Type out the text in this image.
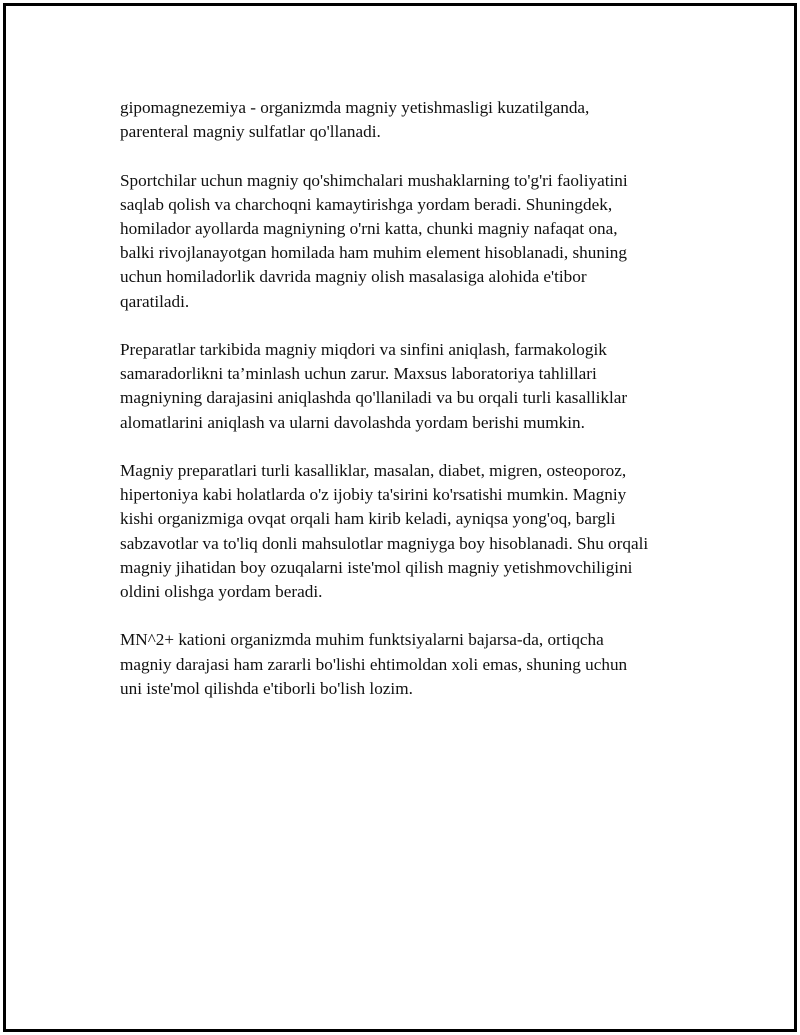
gipomagnezemiya - organizmda magniy yetishmasligi kuzatilganda,
parenteral magniy sulfatlar qo'llanadi.

Sportchilar uchun magniy qo'shimchalari mushaklarning to'g'ri faoliyatini
saqlab qolish va charchoqni kamaytirishga yordam beradi. Shuningdek,
homilador ayollarda magniyning o'rni katta, chunki magniy nafaqat ona,
balki rivojlanayotgan homilada ham muhim element hisoblanadi, shuning
uchun homiladorlik davrida magniy olish masalasiga alohida e'tibor
qaratiladi.

Preparatlar tarkibida magniy miqdori va sinfini aniqlash, farmakologik
samaradorlikni ta’minlash uchun zarur. Maxsus laboratoriya tahlillari
magniyning darajasini aniqlashda qo'llaniladi va bu orqali turli kasalliklar
alomatlarini aniqlash va ularni davolashda yordam berishi mumkin.

Magniy preparatlari turli kasalliklar, masalan, diabet, migren, osteoporoz,
hipertoniya kabi holatlarda o'z ijobiy ta'sirini ko'rsatishi mumkin. Magniy
kishi organizmiga ovqat orqali ham kirib keladi, ayniqsa yong'oq, bargli
sabzavotlar va to'liq donli mahsulotlar magniyga boy hisoblanadi. Shu orqali
magniy jihatidan boy ozuqalarni iste'mol qilish magniy yetishmovchiligini
oldini olishga yordam beradi.

MN^2+ kationi organizmda muhim funktsiyalarni bajarsa-da, ortiqcha
magniy darajasi ham zararli bo'lishi ehtimoldan xoli emas, shuning uchun
uni iste'mol qilishda e'tiborli bo'lish lozim.
